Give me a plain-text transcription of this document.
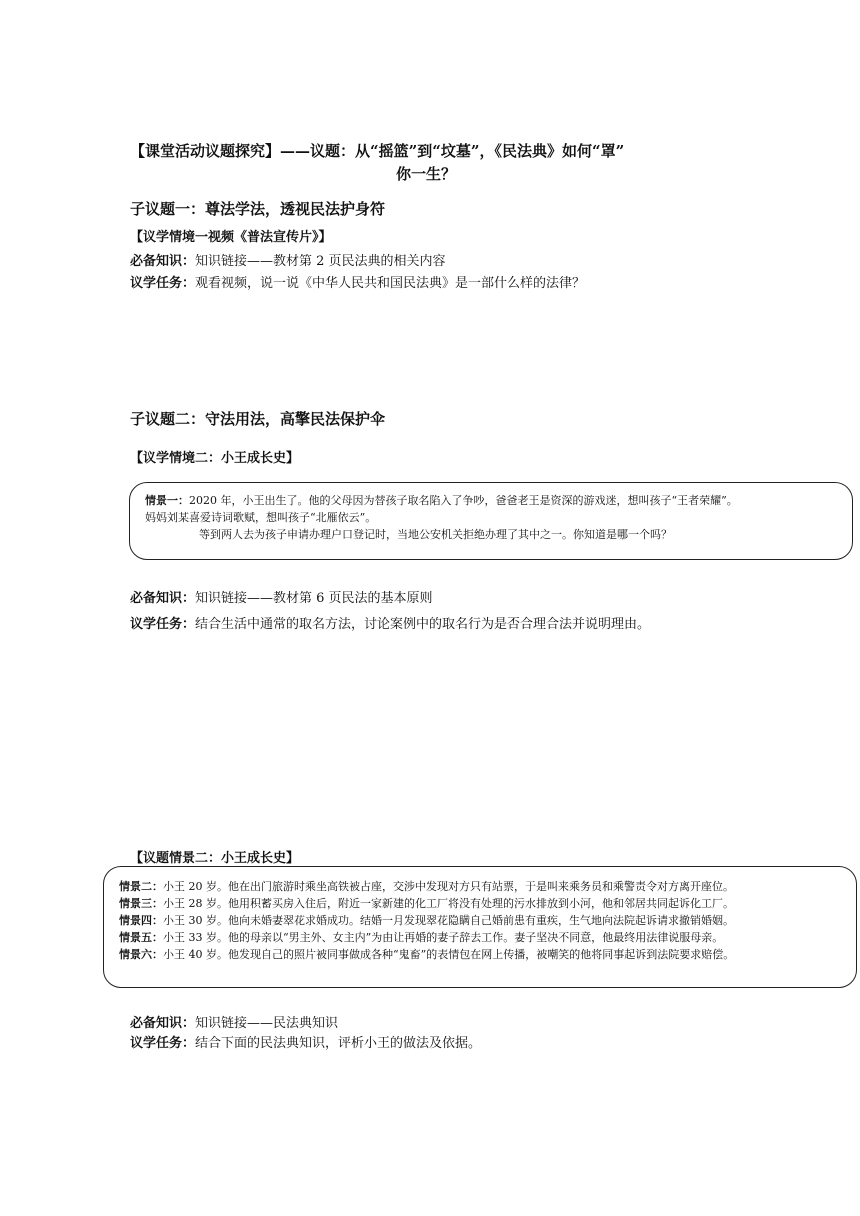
【课堂活动议题探究】——议题：从“摇篮”到“坟墓”，《民法典》如何“罩”
你一生？
子议题一：尊法学法，透视民法护身符
【议学情境一视频《普法宣传片》】
必备知识：知识链接——教材第 2 页民法典的相关内容
议学任务：观看视频，说一说《中华人民共和国民法典》是一部什么样的法律？
子议题二：守法用法，高擎民法保护伞
【议学情境二：小王成长史】
情景一：2020 年，小王出生了。他的父母因为替孩子取名陷入了争吵，爸爸老王是资深的游戏迷，想叫孩子“王者荣耀”。
妈妈刘某喜爱诗词歌赋，想叫孩子“北雁依云”。
等到两人去为孩子申请办理户口登记时，当地公安机关拒绝办理了其中之一。你知道是哪一个吗？
必备知识：知识链接——教材第 6 页民法的基本原则
议学任务：结合生活中通常的取名方法，讨论案例中的取名行为是否合理合法并说明理由。
【议题情景二：小王成长史】
情景二：小王 20 岁。他在出门旅游时乘坐高铁被占座，交涉中发现对方只有站票，于是叫来乘务员和乘警责令对方离开座位。
情景三：小王 28 岁。他用积蓄买房入住后，附近一家新建的化工厂将没有处理的污水排放到小河，他和邻居共同起诉化工厂。
情景四：小王 30 岁。他向未婚妻翠花求婚成功。结婚一月发现翠花隐瞒自己婚前患有重疾，生气地向法院起诉请求撤销婚姻。
情景五：小王 33 岁。他的母亲以“男主外、女主内”为由让再婚的妻子辞去工作。妻子坚决不同意，他最终用法律说服母亲。
情景六：小王 40 岁。他发现自己的照片被同事做成各种“鬼畜”的表情包在网上传播，被嘲笑的他将同事起诉到法院要求赔偿。
必备知识：知识链接——民法典知识
议学任务：结合下面的民法典知识，评析小王的做法及依据。
